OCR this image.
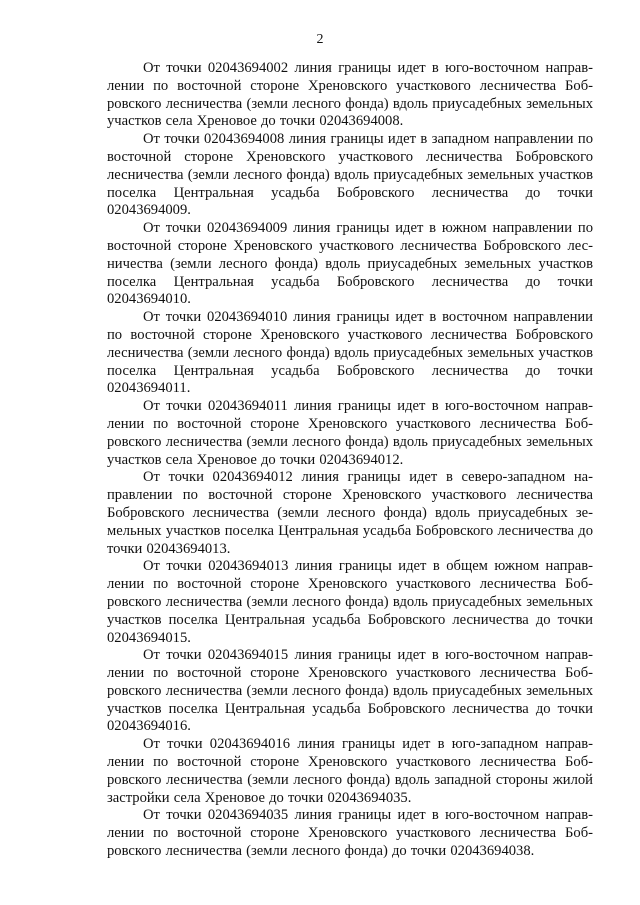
2

От точки 02043694002 линия границы идет в юго-восточном направлении по восточной стороне Хреновского участкового лесничества Бобровского лесничества (земли лесного фонда) вдоль приусадебных земельных участков села Хреновое до точки 02043694008.

От точки 02043694008 линия границы идет в западном направлении по восточной стороне Хреновского участкового лесничества Бобровского лесничества (земли лесного фонда) вдоль приусадебных земельных участков поселка Центральная усадьба Бобровского лесничества до точки 02043694009.

От точки 02043694009 линия границы идет в южном направлении по восточной стороне Хреновского участкового лесничества Бобровского лесничества (земли лесного фонда) вдоль приусадебных земельных участков поселка Центральная усадьба Бобровского лесничества до точки 02043694010.

От точки 02043694010 линия границы идет в восточном направлении по восточной стороне Хреновского участкового лесничества Бобровского лесничества (земли лесного фонда) вдоль приусадебных земельных участков поселка Центральная усадьба Бобровского лесничества до точки 02043694011.

От точки 02043694011 линия границы идет в юго-восточном направлении по восточной стороне Хреновского участкового лесничества Бобровского лесничества (земли лесного фонда) вдоль приусадебных земельных участков села Хреновое до точки 02043694012.

От точки 02043694012 линия границы идет в северо-западном направлении по восточной стороне Хреновского участкового лесничества Бобровского лесничества (земли лесного фонда) вдоль приусадебных земельных участков поселка Центральная усадьба Бобровского лесничества до точки 02043694013.

От точки 02043694013 линия границы идет в общем южном направлении по восточной стороне Хреновского участкового лесничества Бобровского лесничества (земли лесного фонда) вдоль приусадебных земельных участков поселка Центральная усадьба Бобровского лесничества до точки 02043694015.

От точки 02043694015 линия границы идет в юго-восточном направлении по восточной стороне Хреновского участкового лесничества Бобровского лесничества (земли лесного фонда) вдоль приусадебных земельных участков поселка Центральная усадьба Бобровского лесничества до точки 02043694016.

От точки 02043694016 линия границы идет в юго-западном направлении по восточной стороне Хреновского участкового лесничества Бобровского лесничества (земли лесного фонда) вдоль западной стороны жилой застройки села Хреновое до точки 02043694035.

От точки 02043694035 линия границы идет в юго-восточном направлении по восточной стороне Хреновского участкового лесничества Бобровского лесничества (земли лесного фонда) до точки 02043694038.
